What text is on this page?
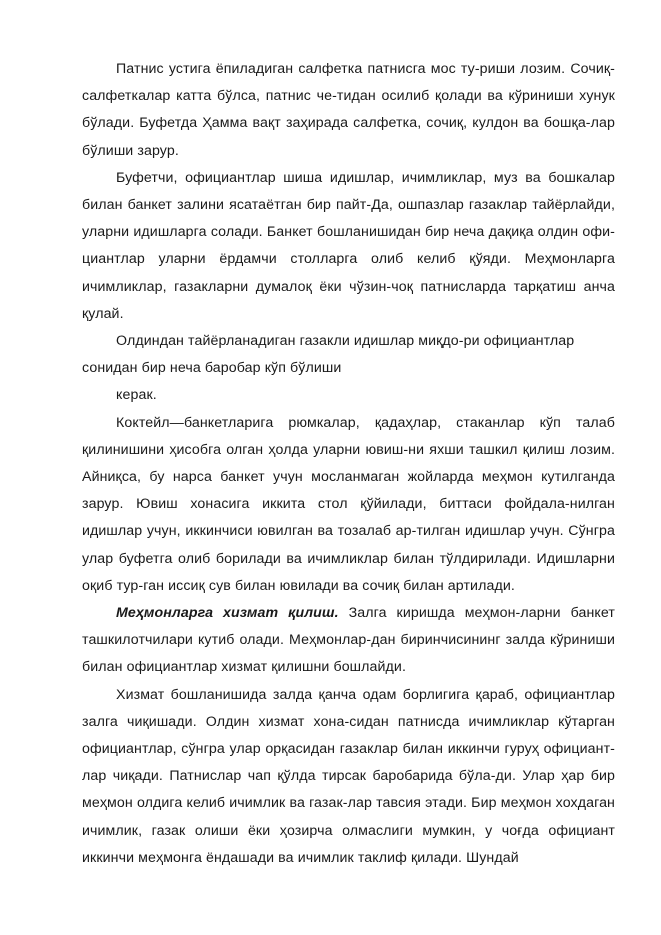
Патнис устига ёпиладиган салфетка патнисга мос ту-риши лозим. Сочиқ-салфеткалар катта бўлса, патнис че-тидан осилиб қолади ва кўриниши хунук бўлади. Буфетда Ҳамма вақт заҳирада салфетка, сочиқ, кулдон ва бошқа-лар бўлиши зарур.

Буфетчи, официантлар шиша идишлар, ичимликлар, муз ва бошкалар билан банкет залини ясатаётган бир пайт-Да, ошпазлар газаклар тайёрлайди, уларни идишларга солади. Банкет бошланишидан бир неча дақиқа олдин офи-циантлар уларни ёрдамчи столларга олиб келиб қўяди. Меҳмонларга ичимликлар, газакларни думалоқ ёки чўзин-чоқ патнисларда тарқатиш анча қулай.

Олдиндан тайёрланадиган газакли идишлар миқдо-ри официантлар сонидан бир неча баробар кўп бўлиши

керак.

Коктейл—банкетларига рюмкалар, қадаҳлар, стаканлар кўп талаб қилинишини ҳисобга олган ҳолда уларни ювиш-ни яхши ташкил қилиш лозим. Айниқса, бу нарса банкет учун мосланмаган жойларда меҳмон кутилганда зарур. Ювиш хонасига иккита стол қўйилади, биттаси фойдала-нилган идишлар учун, иккинчиси ювилган ва тозалаб ар-тилган идишлар учун. Сўнгра улар буфетга олиб борилади ва ичимликлар билан тўлдирилади. Идишларни оқиб тур-ган иссиқ сув билан ювилади ва сочиқ билан артилади.

Меҳмонларга хизмат қилиш. Залга киришда меҳмон-ларни банкет ташкилотчилари кутиб олади. Меҳмонлар-дан биринчисининг залда кўриниши билан официантлар хизмат қилишни бошлайди.

Хизмат бошланишида залда қанча одам борлигига қараб, официантлар залга чиқишади. Олдин хизмат хона-сидан патнисда ичимликлар кўтарган официантлар, сўнгра улар орқасидан газаклар билан иккинчи гуруҳ официант-лар чиқади. Патнислар чап қўлда тирсак баробарида бўла-ди. Улар ҳар бир меҳмон олдига келиб ичимлик ва газак-лар тавсия этади. Бир меҳмон хохдаган ичимлик, газак олиши ёки ҳозирча олмаслиги мумкин, у чоғда официант иккинчи меҳмонга ёндашади ва ичимлик таклиф қилади. Шундай
